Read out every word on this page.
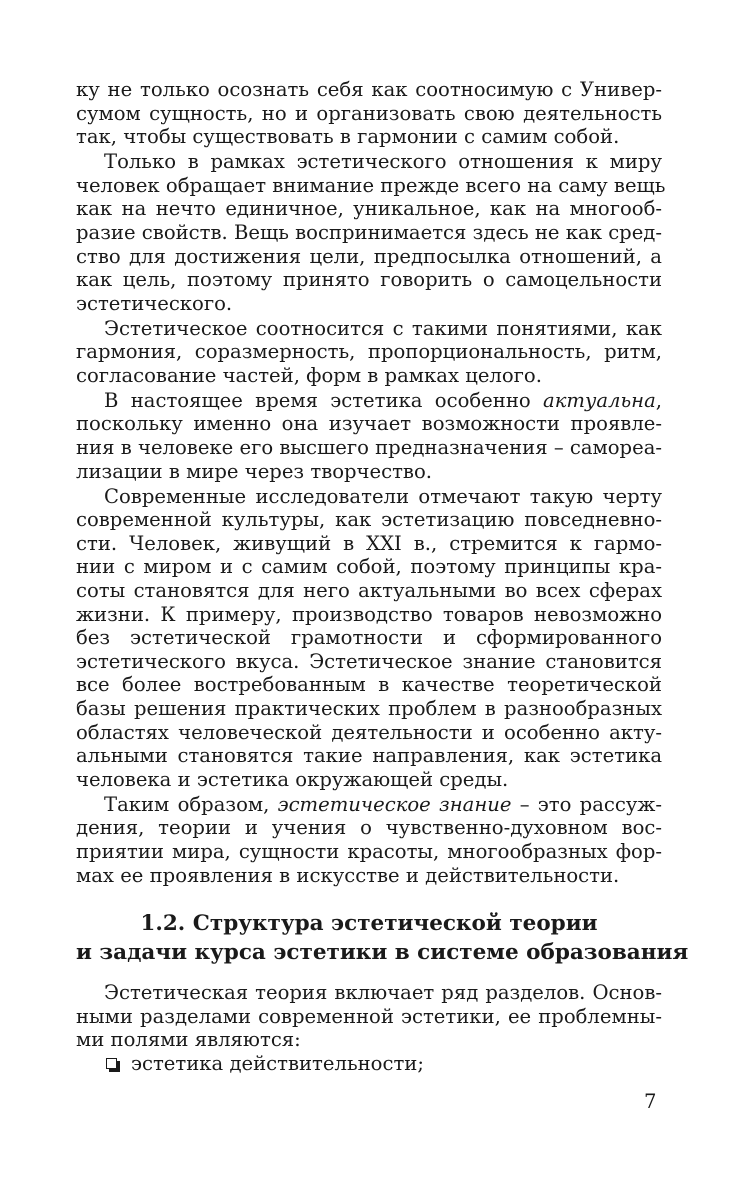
ку не только осознать себя как соотносимую с Универ-
сумом сущность, но и организовать свою деятельность
так, чтобы существовать в гармонии с самим собой.

Только в рамках эстетического отношения к миру
человек обращает внимание прежде всего на саму вещь
как на нечто единичное, уникальное, как на многооб-
разие свойств. Вещь воспринимается здесь не как сред-
ство для достижения цели, предпосылка отношений, а
как цель, поэтому принято говорить о самоцельности
эстетического.

Эстетическое соотносится с такими понятиями, как
гармония, соразмерность, пропорциональность, ритм,
согласование частей, форм в рамках целого.

В настоящее время эстетика особенно актуальна,
поскольку именно она изучает возможности проявле-
ния в человеке его высшего предназначения – самореа-
лизации в мире через творчество.

Современные исследователи отмечают такую черту
современной культуры, как эстетизацию повседневно-
сти. Человек, живущий в XXI в., стремится к гармо-
нии с миром и с самим собой, поэтому принципы кра-
соты становятся для него актуальными во всех сферах
жизни. К примеру, производство товаров невозможно
без эстетической грамотности и сформированного
эстетического вкуса. Эстетическое знание становится
все более востребованным в качестве теоретической
базы решения практических проблем в разнообразных
областях человеческой деятельности и особенно акту-
альными становятся такие направления, как эстетика
человека и эстетика окружающей среды.

Таким образом, эстетическое знание – это рассуж-
дения, теории и учения о чувственно-духовном вос-
приятии мира, сущности красоты, многообразных фор-
мах ее проявления в искусстве и действительности.

1.2. Структура эстетической теории
и задачи курса эстетики в системе образования

Эстетическая теория включает ряд разделов. Основ-
ными разделами современной эстетики, ее проблемны-
ми полями являются:

эстетика действительности;
7
